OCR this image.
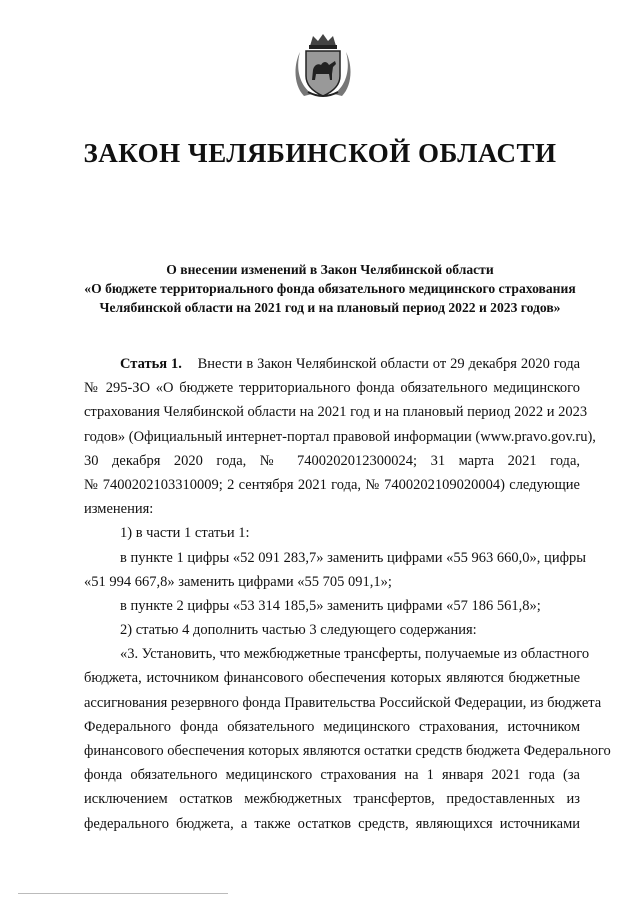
ЗАКОН ЧЕЛЯБИНСКОЙ ОБЛАСТИ
О внесении изменений в Закон Челябинской области
«О бюджете территориального фонда обязательного медицинского страхования
Челябинской области на 2021 год и на плановый период 2022 и 2023 годов»
Статья 1. Внести в Закон Челябинской области от 29 декабря 2020 года
№ 295-ЗО «О бюджете территориального фонда обязательного медицинского
страхования Челябинской области на 2021 год и на плановый период 2022 и 2023
годов» (Официальный интернет-портал правовой информации (www.pravo.gov.ru),
30 декабря 2020 года, № 7400202012300024; 31 марта 2021 года,
№ 7400202103310009; 2 сентября 2021 года, № 7400202109020004) следующие
изменения:
1) в части 1 статьи 1:
в пункте 1 цифры «52 091 283,7» заменить цифрами «55 963 660,0», цифры
«51 994 667,8» заменить цифрами «55 705 091,1»;
в пункте 2 цифры «53 314 185,5» заменить цифрами «57 186 561,8»;
2) статью 4 дополнить частью 3 следующего содержания:
«3. Установить, что межбюджетные трансферты, получаемые из областного
бюджета, источником финансового обеспечения которых являются бюджетные
ассигнования резервного фонда Правительства Российской Федерации, из бюджета
Федерального фонда обязательного медицинского страхования, источником
финансового обеспечения которых являются остатки средств бюджета Федерального
фонда обязательного медицинского страхования на 1 января 2021 года (за
исключением остатков межбюджетных трансфертов, предоставленных из
федерального бюджета, а также остатков средств, являющихся источниками
